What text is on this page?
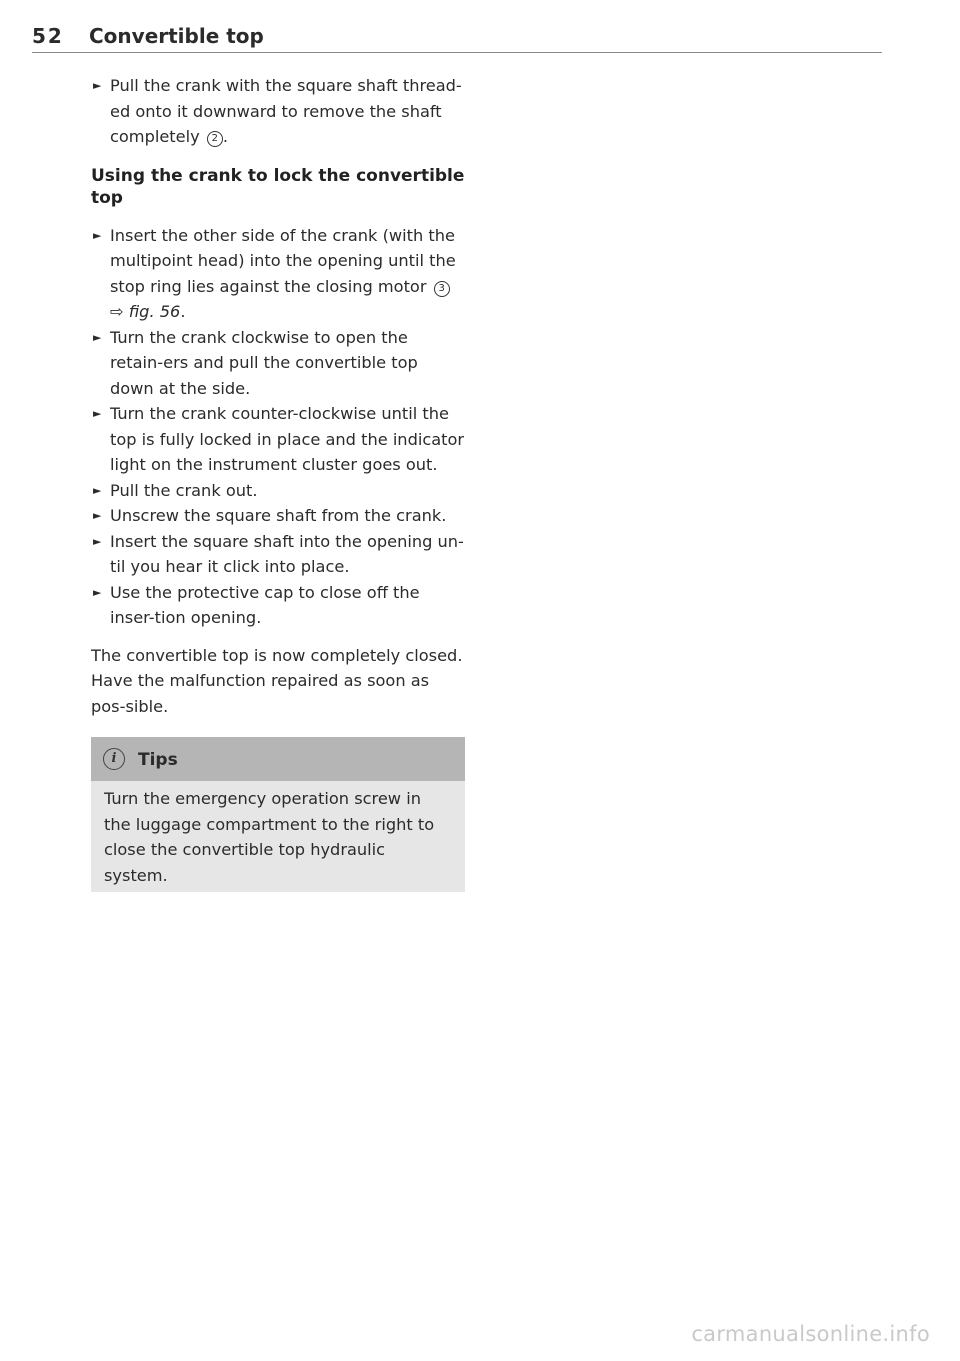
52 Convertible top

► Pull the crank with the square shaft thread-ed onto it downward to remove the shaft completely 2 .

Using the crank to lock the convertible top

► Insert the other side of the crank (with the multipoint head) into the opening until the stop ring lies against the closing motor 3
⇨ fig. 56.

► Turn the crank clockwise to open the retain-ers and pull the convertible top down at the side.

► Turn the crank counter-clockwise until the top is fully locked in place and the indicator light on the instrument cluster goes out.

► Pull the crank out.

► Unscrew the square shaft from the crank.

► Insert the square shaft into the opening un-til you hear it click into place.

► Use the protective cap to close off the inser-tion opening.

The convertible top is now completely closed. Have the malfunction repaired as soon as pos-sible.

i	Tips
Turn the emergency operation screw in the luggage compartment to the right to close the convertible top hydraulic system.
carmanualsonline.info
